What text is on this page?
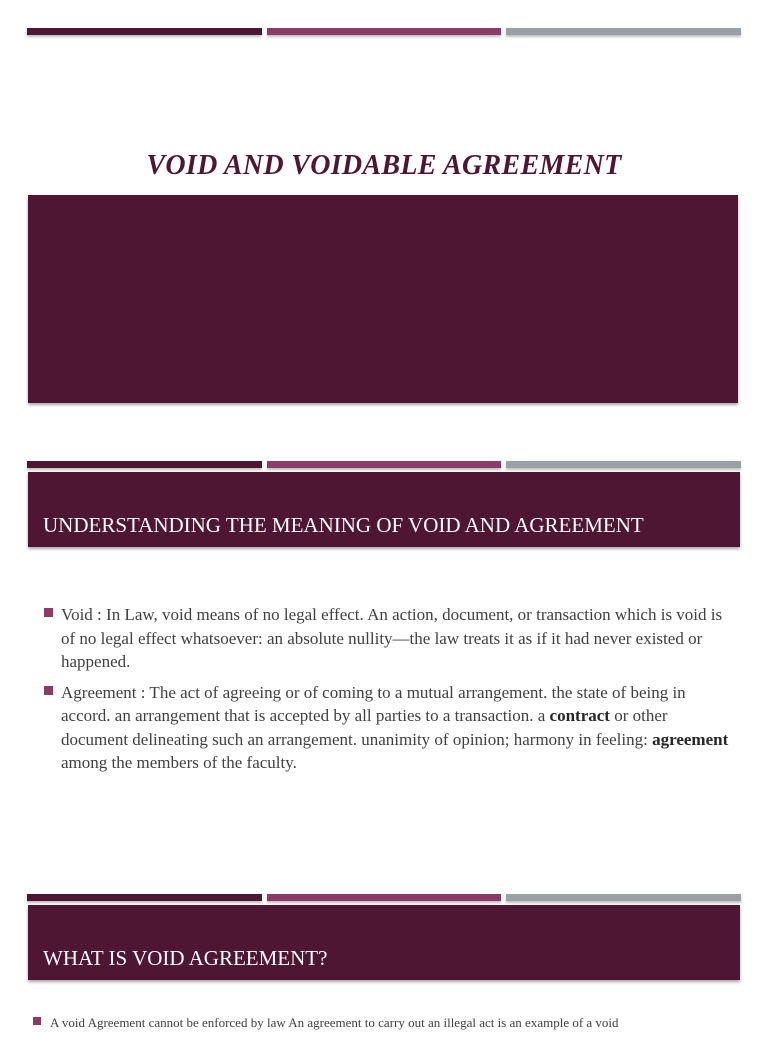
VOID AND VOIDABLE AGREEMENT
UNDERSTANDING THE MEANING OF VOID AND AGREEMENT
Void : In Law, void means of no legal effect. An action, document, or transaction which is void is of no legal effect whatsoever: an absolute nullity—the law treats it as if it had never existed or happened.
Agreement : The act of agreeing or of coming to a mutual arrangement. the state of being in accord. an arrangement that is accepted by all parties to a transaction. a contract or other document delineating such an arrangement. unanimity of opinion; harmony in feeling: agreement among the members of the faculty.
WHAT IS VOID AGREEMENT?
A void Agreement cannot be enforced by law An agreement to carry out an illegal act is an example of a void
